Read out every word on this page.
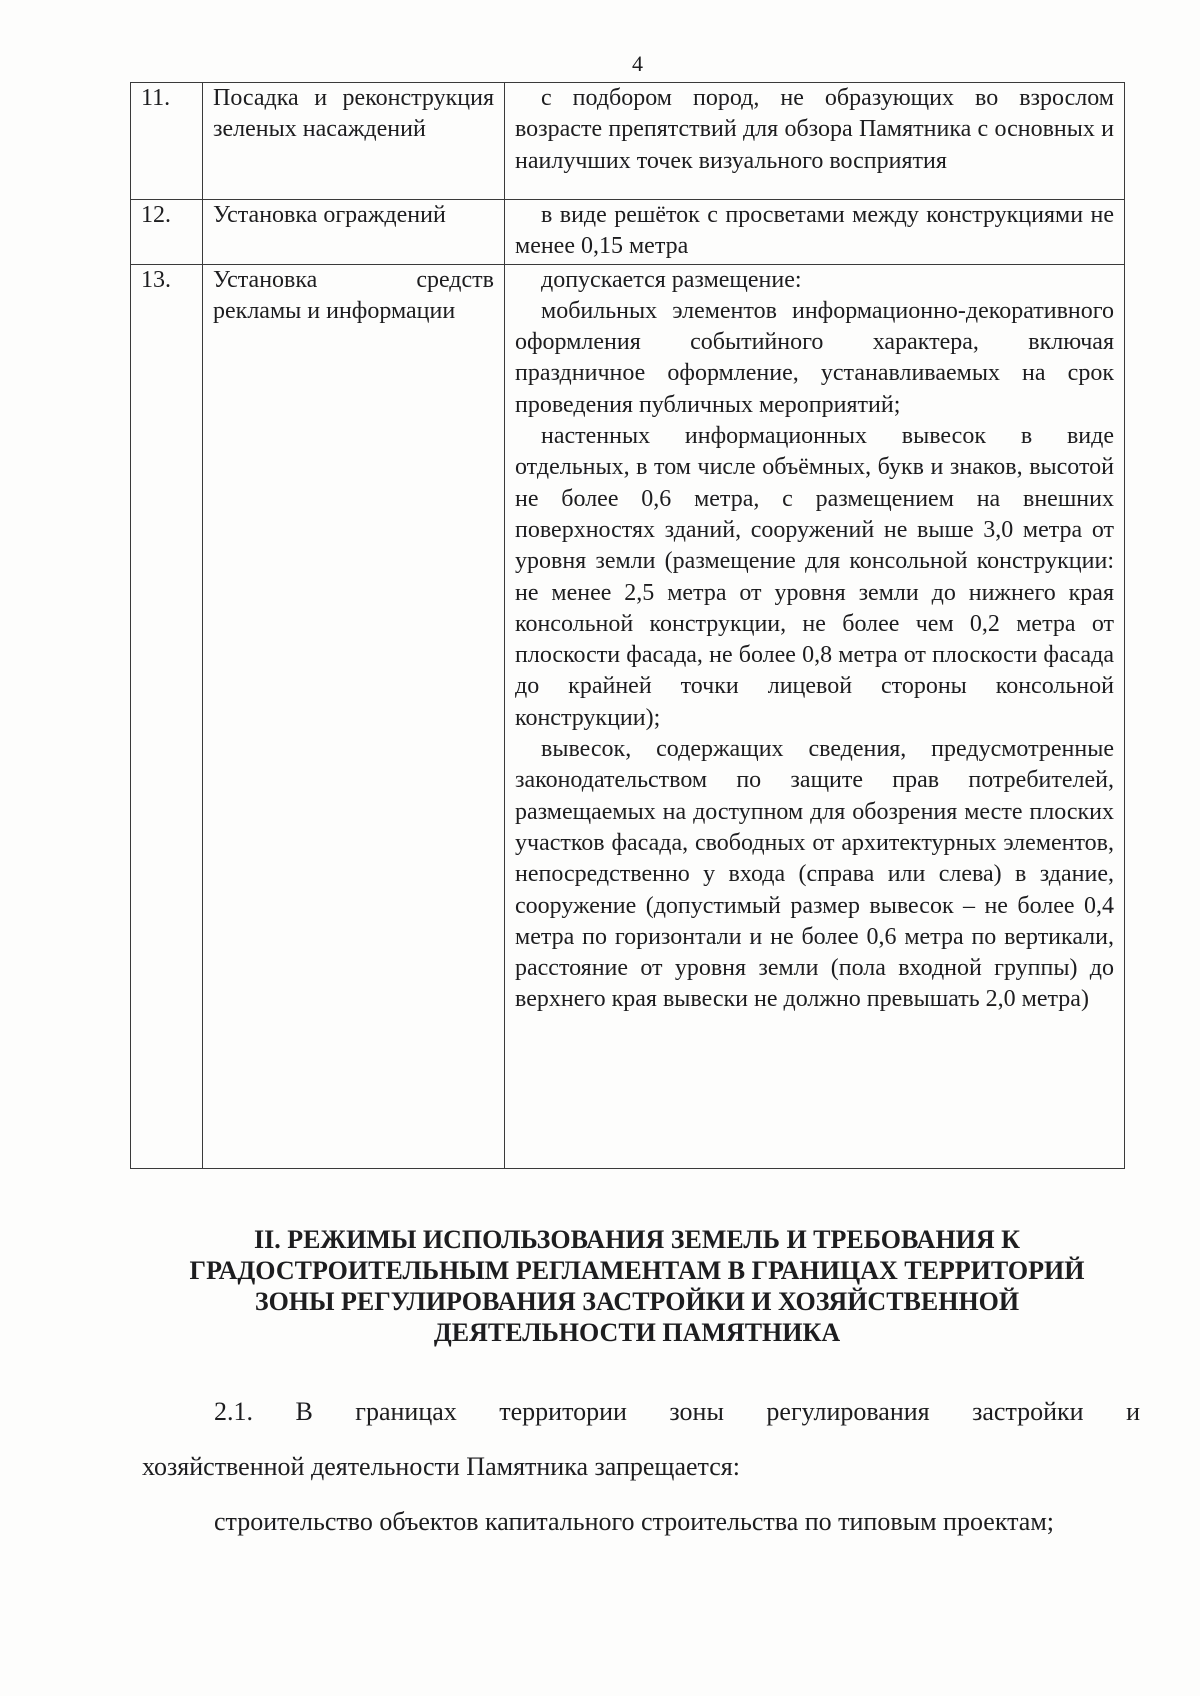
4
11.	Посадка и реконструкция зеленых насаждений	с подбором пород, не образующих во взрослом возрасте препятствий для обзора Памятника с основных и наилучших точек визуального восприятия

12.	Установка ограждений	в виде решёток с просветами между конструкциями не менее 0,15 метра

13.	Установка средств рекламы и информации	допускается размещение:

мобильных элементов информационно-декоративного оформления событийного характера, включая праздничное оформление, устанавливаемых на срок проведения публичных мероприятий;

настенных информационных вывесок в виде отдельных, в том числе объёмных, букв и знаков, высотой не более 0,6 метра, с размещением на внешних поверхностях зданий, сооружений не выше 3,0 метра от уровня земли (размещение для консольной конструкции: не менее 2,5 метра от уровня земли до нижнего края консольной конструкции, не более чем 0,2 метра от плоскости фасада, не более 0,8 метра от плоскости фасада до крайней точки лицевой стороны консольной конструкции);

вывесок, содержащих сведения, предусмотренные законодательством по защите прав потребителей, размещаемых на доступном для обозрения месте плоских участков фасада, свободных от архитектурных элементов, непосредственно у входа (справа или слева) в здание, сооружение (допустимый размер вывесок – не более 0,4 метра по горизонтали и не более 0,6 метра по вертикали, расстояние от уровня земли (пола входной группы) до верхнего края вывески не должно превышать 2,0 метра)

II. РЕЖИМЫ ИСПОЛЬЗОВАНИЯ ЗЕМЕЛЬ И ТРЕБОВАНИЯ К
ГРАДОСТРОИТЕЛЬНЫМ РЕГЛАМЕНТАМ В ГРАНИЦАХ ТЕРРИТОРИЙ
ЗОНЫ РЕГУЛИРОВАНИЯ ЗАСТРОЙКИ И ХОЗЯЙСТВЕННОЙ
ДЕЯТЕЛЬНОСТИ ПАМЯТНИКА

2.1. В границах территории зоны регулирования застройки и

хозяйственной деятельности Памятника запрещается:

строительство объектов капитального строительства по типовым проектам;
